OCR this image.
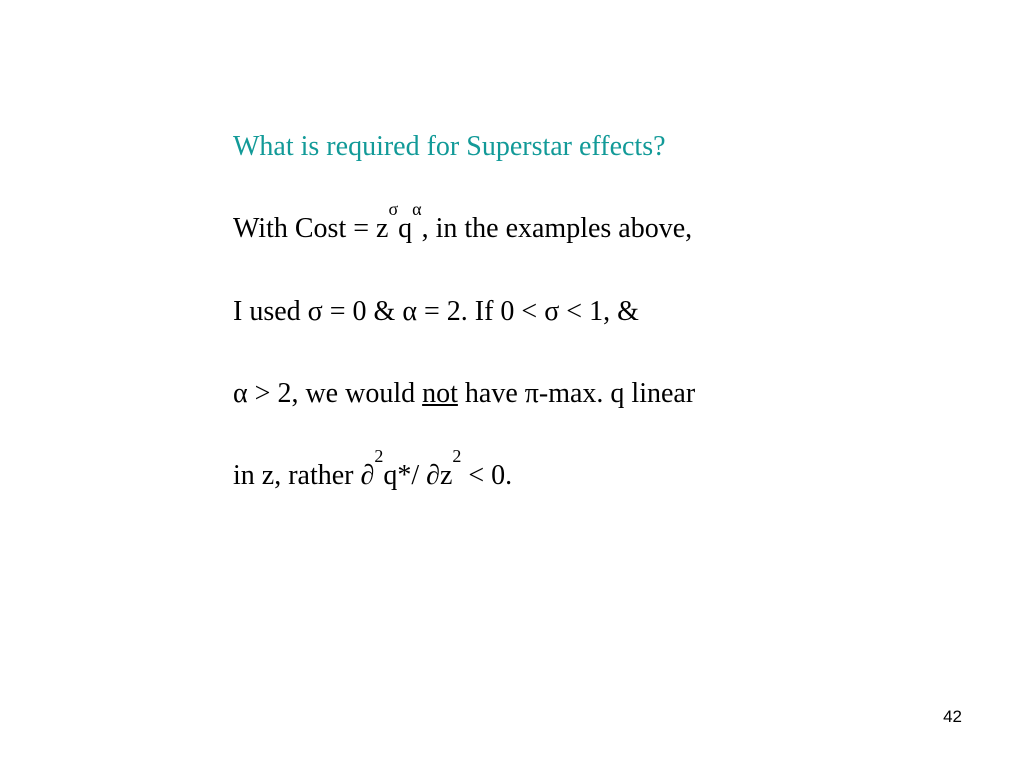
What is required for Superstar effects?
With Cost = $z^\sigma q^\alpha$, in the examples above,
I used σ = 0 & α = 2. If 0 < σ < 1, &
α > 2, we would not have π-max. q linear
in z, rather ∂$^2$q*/ $\partial z^2 < 0$.
42
